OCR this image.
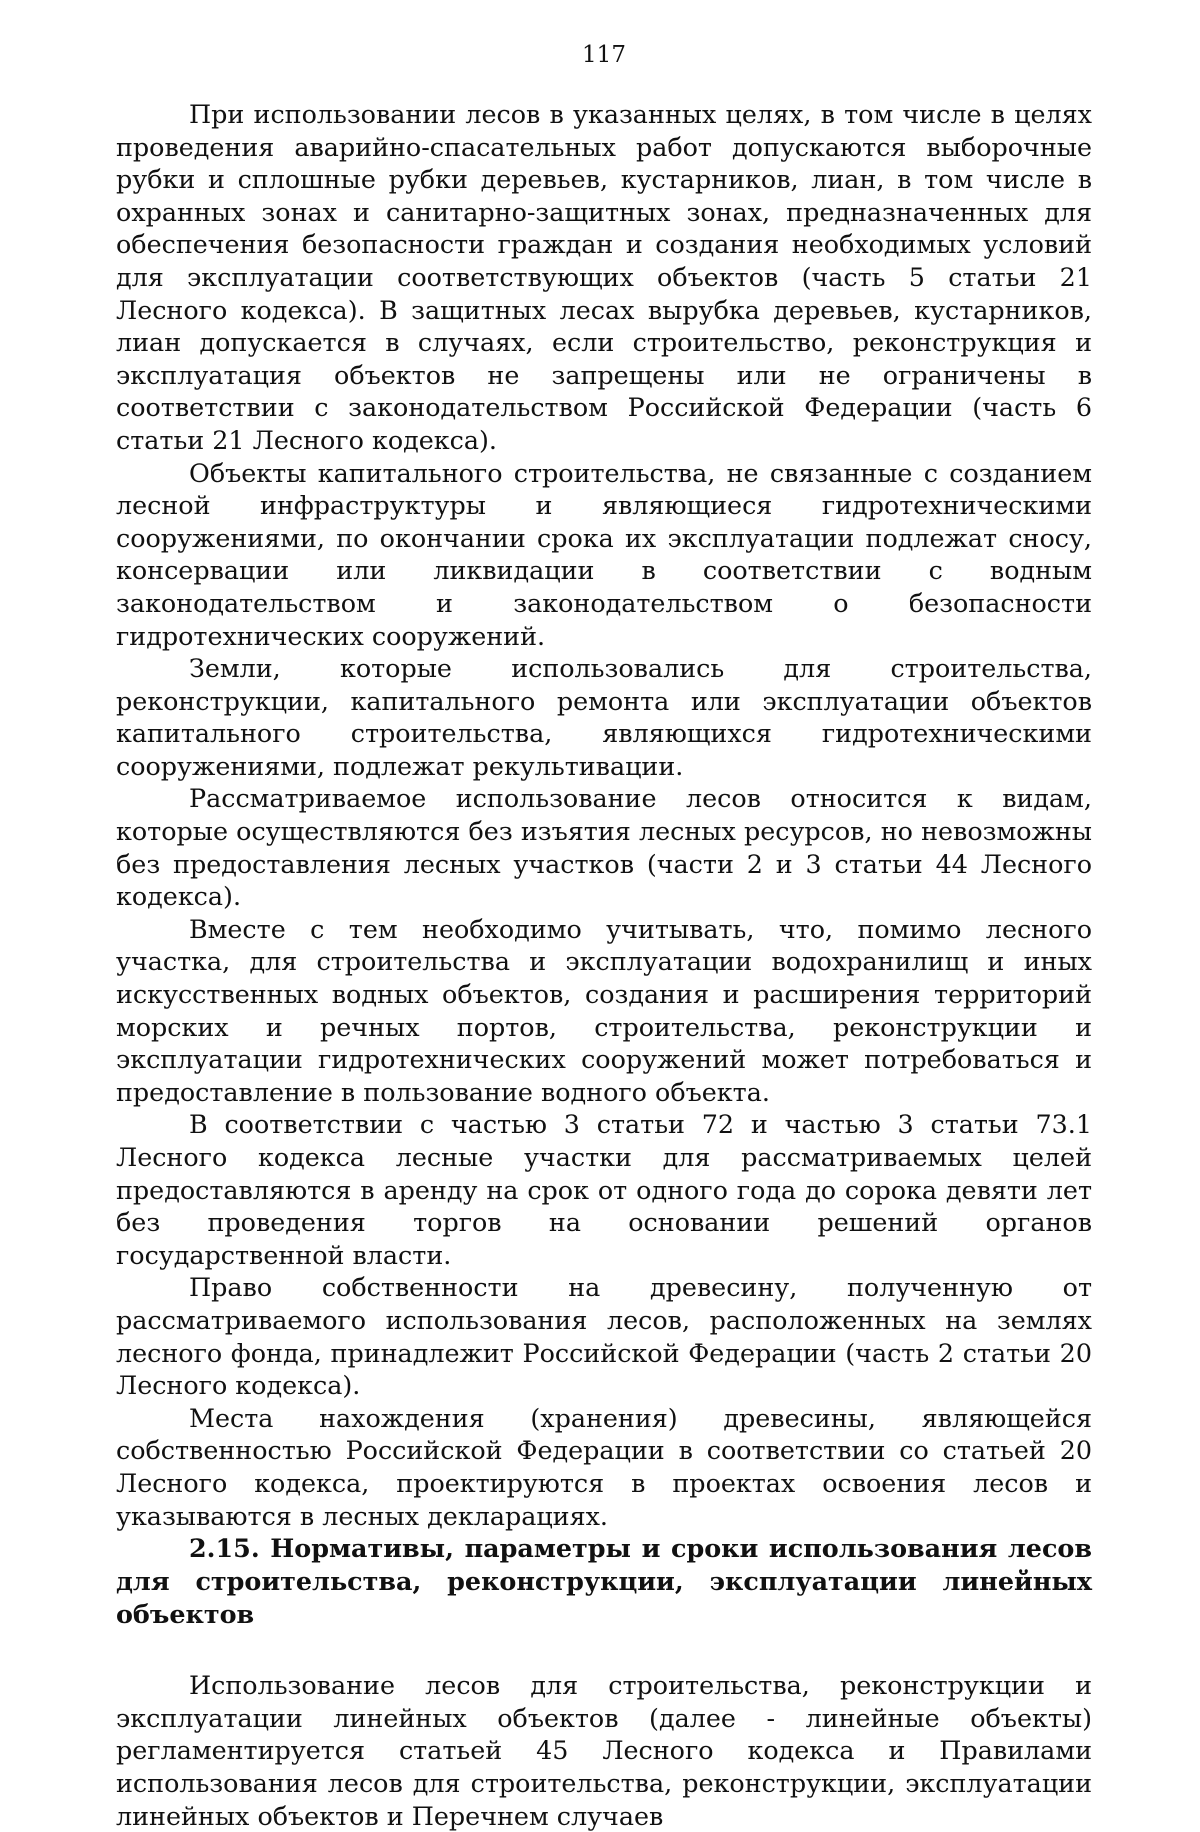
117

При использовании лесов в указанных целях, в том числе в целях проведения аварийно-спасательных работ допускаются выборочные рубки и сплошные рубки деревьев, кустарников, лиан, в том числе в охранных зонах и санитарно-защитных зонах, предназначенных для обеспечения безопасности граждан и создания необходимых условий для эксплуатации соответствующих объектов (часть 5 статьи 21 Лесного кодекса). В защитных лесах вырубка деревьев, кустарников, лиан допускается в случаях, если строительство, реконструкция и эксплуатация объектов не запрещены или не ограничены в соответствии с законодательством Российской Федерации (часть 6 статьи 21 Лесного кодекса).

Объекты капитального строительства, не связанные с созданием лесной инфраструктуры и являющиеся гидротехническими сооружениями, по окончании срока их эксплуатации подлежат сносу, консервации или ликвидации в соответствии с водным законодательством и законодательством о безопасности гидротехнических сооружений.

Земли, которые использовались для строительства, реконструкции, капитального ремонта или эксплуатации объектов капитального строительства, являющихся гидротехническими сооружениями, подлежат рекультивации.

Рассматриваемое использование лесов относится к видам, которые осуществляются без изъятия лесных ресурсов, но невозможны без предоставления лесных участков (части 2 и 3 статьи 44 Лесного кодекса).

Вместе с тем необходимо учитывать, что, помимо лесного участка, для строительства и эксплуатации водохранилищ и иных искусственных водных объектов, создания и расширения территорий морских и речных портов, строительства, реконструкции и эксплуатации гидротехнических сооружений может потребоваться и предоставление в пользование водного объекта.

В соответствии с частью 3 статьи 72 и частью 3 статьи 73.1 Лесного кодекса лесные участки для рассматриваемых целей предоставляются в аренду на срок от одного года до сорока девяти лет без проведения торгов на основании решений органов государственной власти.

Право собственности на древесину, полученную от рассматриваемого использования лесов, расположенных на землях лесного фонда, принадлежит Российской Федерации (часть 2 статьи 20 Лесного кодекса).

Места нахождения (хранения) древесины, являющейся собственностью Российской Федерации в соответствии со статьей 20 Лесного кодекса, проектируются в проектах освоения лесов и указываются в лесных декларациях.

2.15. Нормативы, параметры и сроки использования лесов для строительства, реконструкции, эксплуатации линейных объектов

Использование лесов для строительства, реконструкции и эксплуатации линейных объектов (далее - линейные объекты) регламентируется статьей 45 Лесного кодекса и Правилами использования лесов для строительства, реконструкции, эксплуатации линейных объектов и Перечнем случаев
